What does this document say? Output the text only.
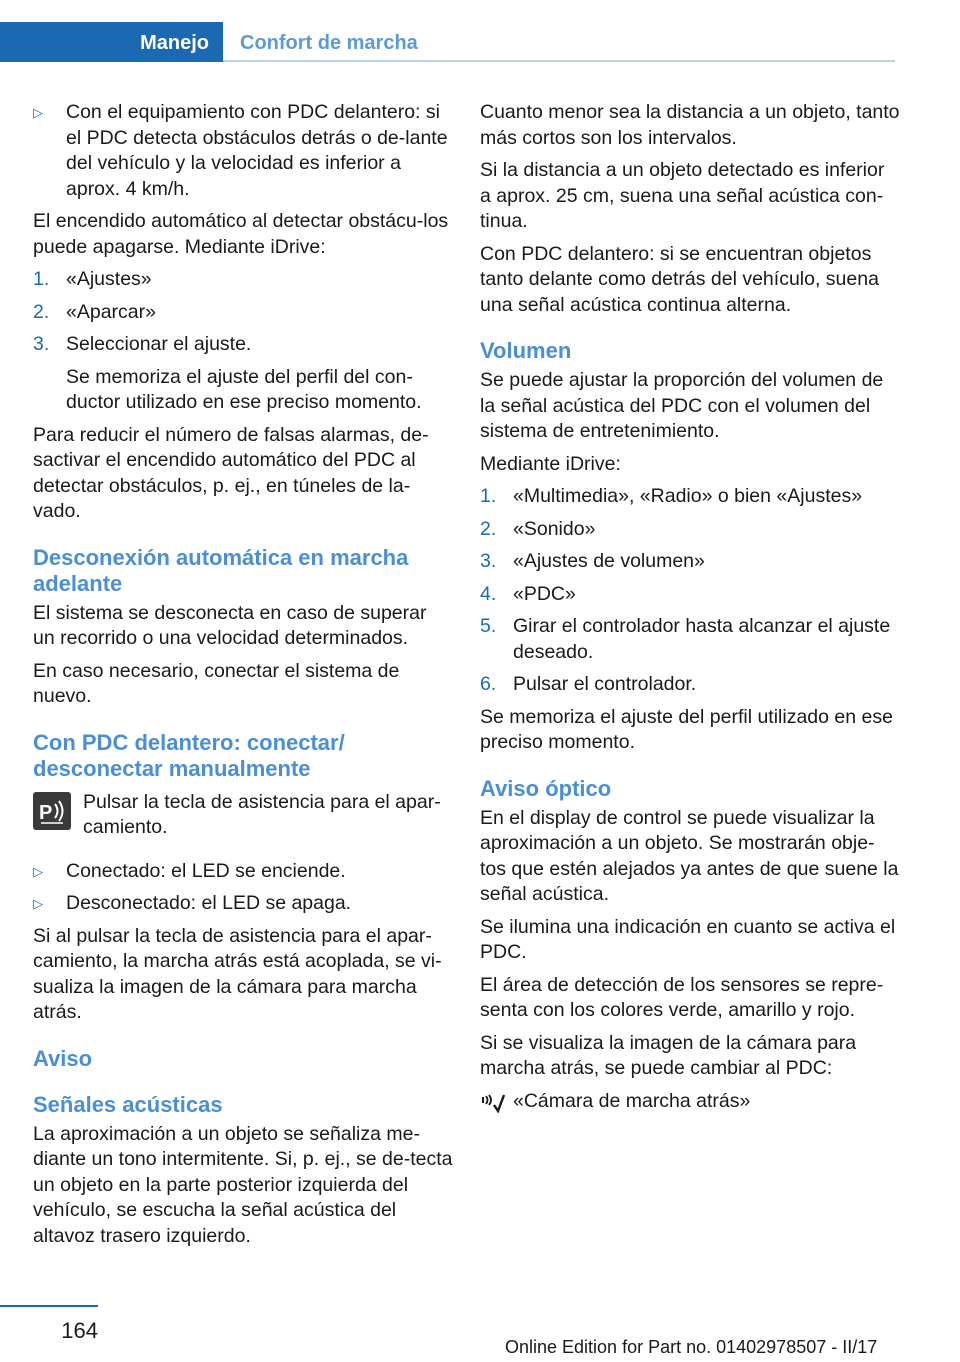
Manejo	Confort de marcha
▷ Con el equipamiento con PDC delantero: si el PDC detecta obstáculos detrás o de-lante del vehículo y la velocidad es inferior a aprox. 4 km/h.

El encendido automático al detectar obstácu-los puede apagarse. Mediante iDrive:

1. «Ajustes»
2. «Aparcar»
3. Seleccionar el ajuste.
Se memoriza el ajuste del perfil del con-ductor utilizado en ese preciso momento.

Para reducir el número de falsas alarmas, de-sactivar el encendido automático del PDC al detectar obstáculos, p. ej., en túneles de la-vado.

Desconexión automática en marcha adelante

El sistema se desconecta en caso de superar un recorrido o una velocidad determinados.

En caso necesario, conectar el sistema de nuevo.

Con PDC delantero: conectar/ desconectar manualmente
P Pulsar la tecla de asistencia para el apar-camiento.
▷ Conectado: el LED se enciende.
▷ Desconectado: el LED se apaga.

Si al pulsar la tecla de asistencia para el apar-camiento, la marcha atrás está acoplada, se vi-sualiza la imagen de la cámara para marcha atrás.

Aviso
Señales acústicas

La aproximación a un objeto se señaliza me-diante un tono intermitente. Si, p. ej., se de-tecta un objeto en la parte posterior izquierda del vehículo, se escucha la señal acústica del altavoz trasero izquierdo.

Cuanto menor sea la distancia a un objeto, tanto más cortos son los intervalos.

Si la distancia a un objeto detectado es inferior a aprox. 25 cm, suena una señal acústica con-tinua.

Con PDC delantero: si se encuentran objetos tanto delante como detrás del vehículo, suena una señal acústica continua alterna.

Volumen

Se puede ajustar la proporción del volumen de la señal acústica del PDC con el volumen del sistema de entretenimiento.

Mediante iDrive:

1. «Multimedia», «Radio» o bien «Ajustes»
2. «Sonido»
3. «Ajustes de volumen»
4. «PDC»
5. Girar el controlador hasta alcanzar el ajuste deseado.
6. Pulsar el controlador.

Se memoriza el ajuste del perfil utilizado en ese preciso momento.

Aviso óptico

En el display de control se puede visualizar la aproximación a un objeto. Se mostrarán obje-tos que estén alejados ya antes de que suene la señal acústica.

Se ilumina una indicación en cuanto se activa el PDC.

El área de detección de los sensores se repre-senta con los colores verde, amarillo y rojo.

Si se visualiza la imagen de la cámara para marcha atrás, se puede cambiar al PDC:

«Cámara de marcha atrás»
164
Online Edition for Part no. 01402978507 - II/17
